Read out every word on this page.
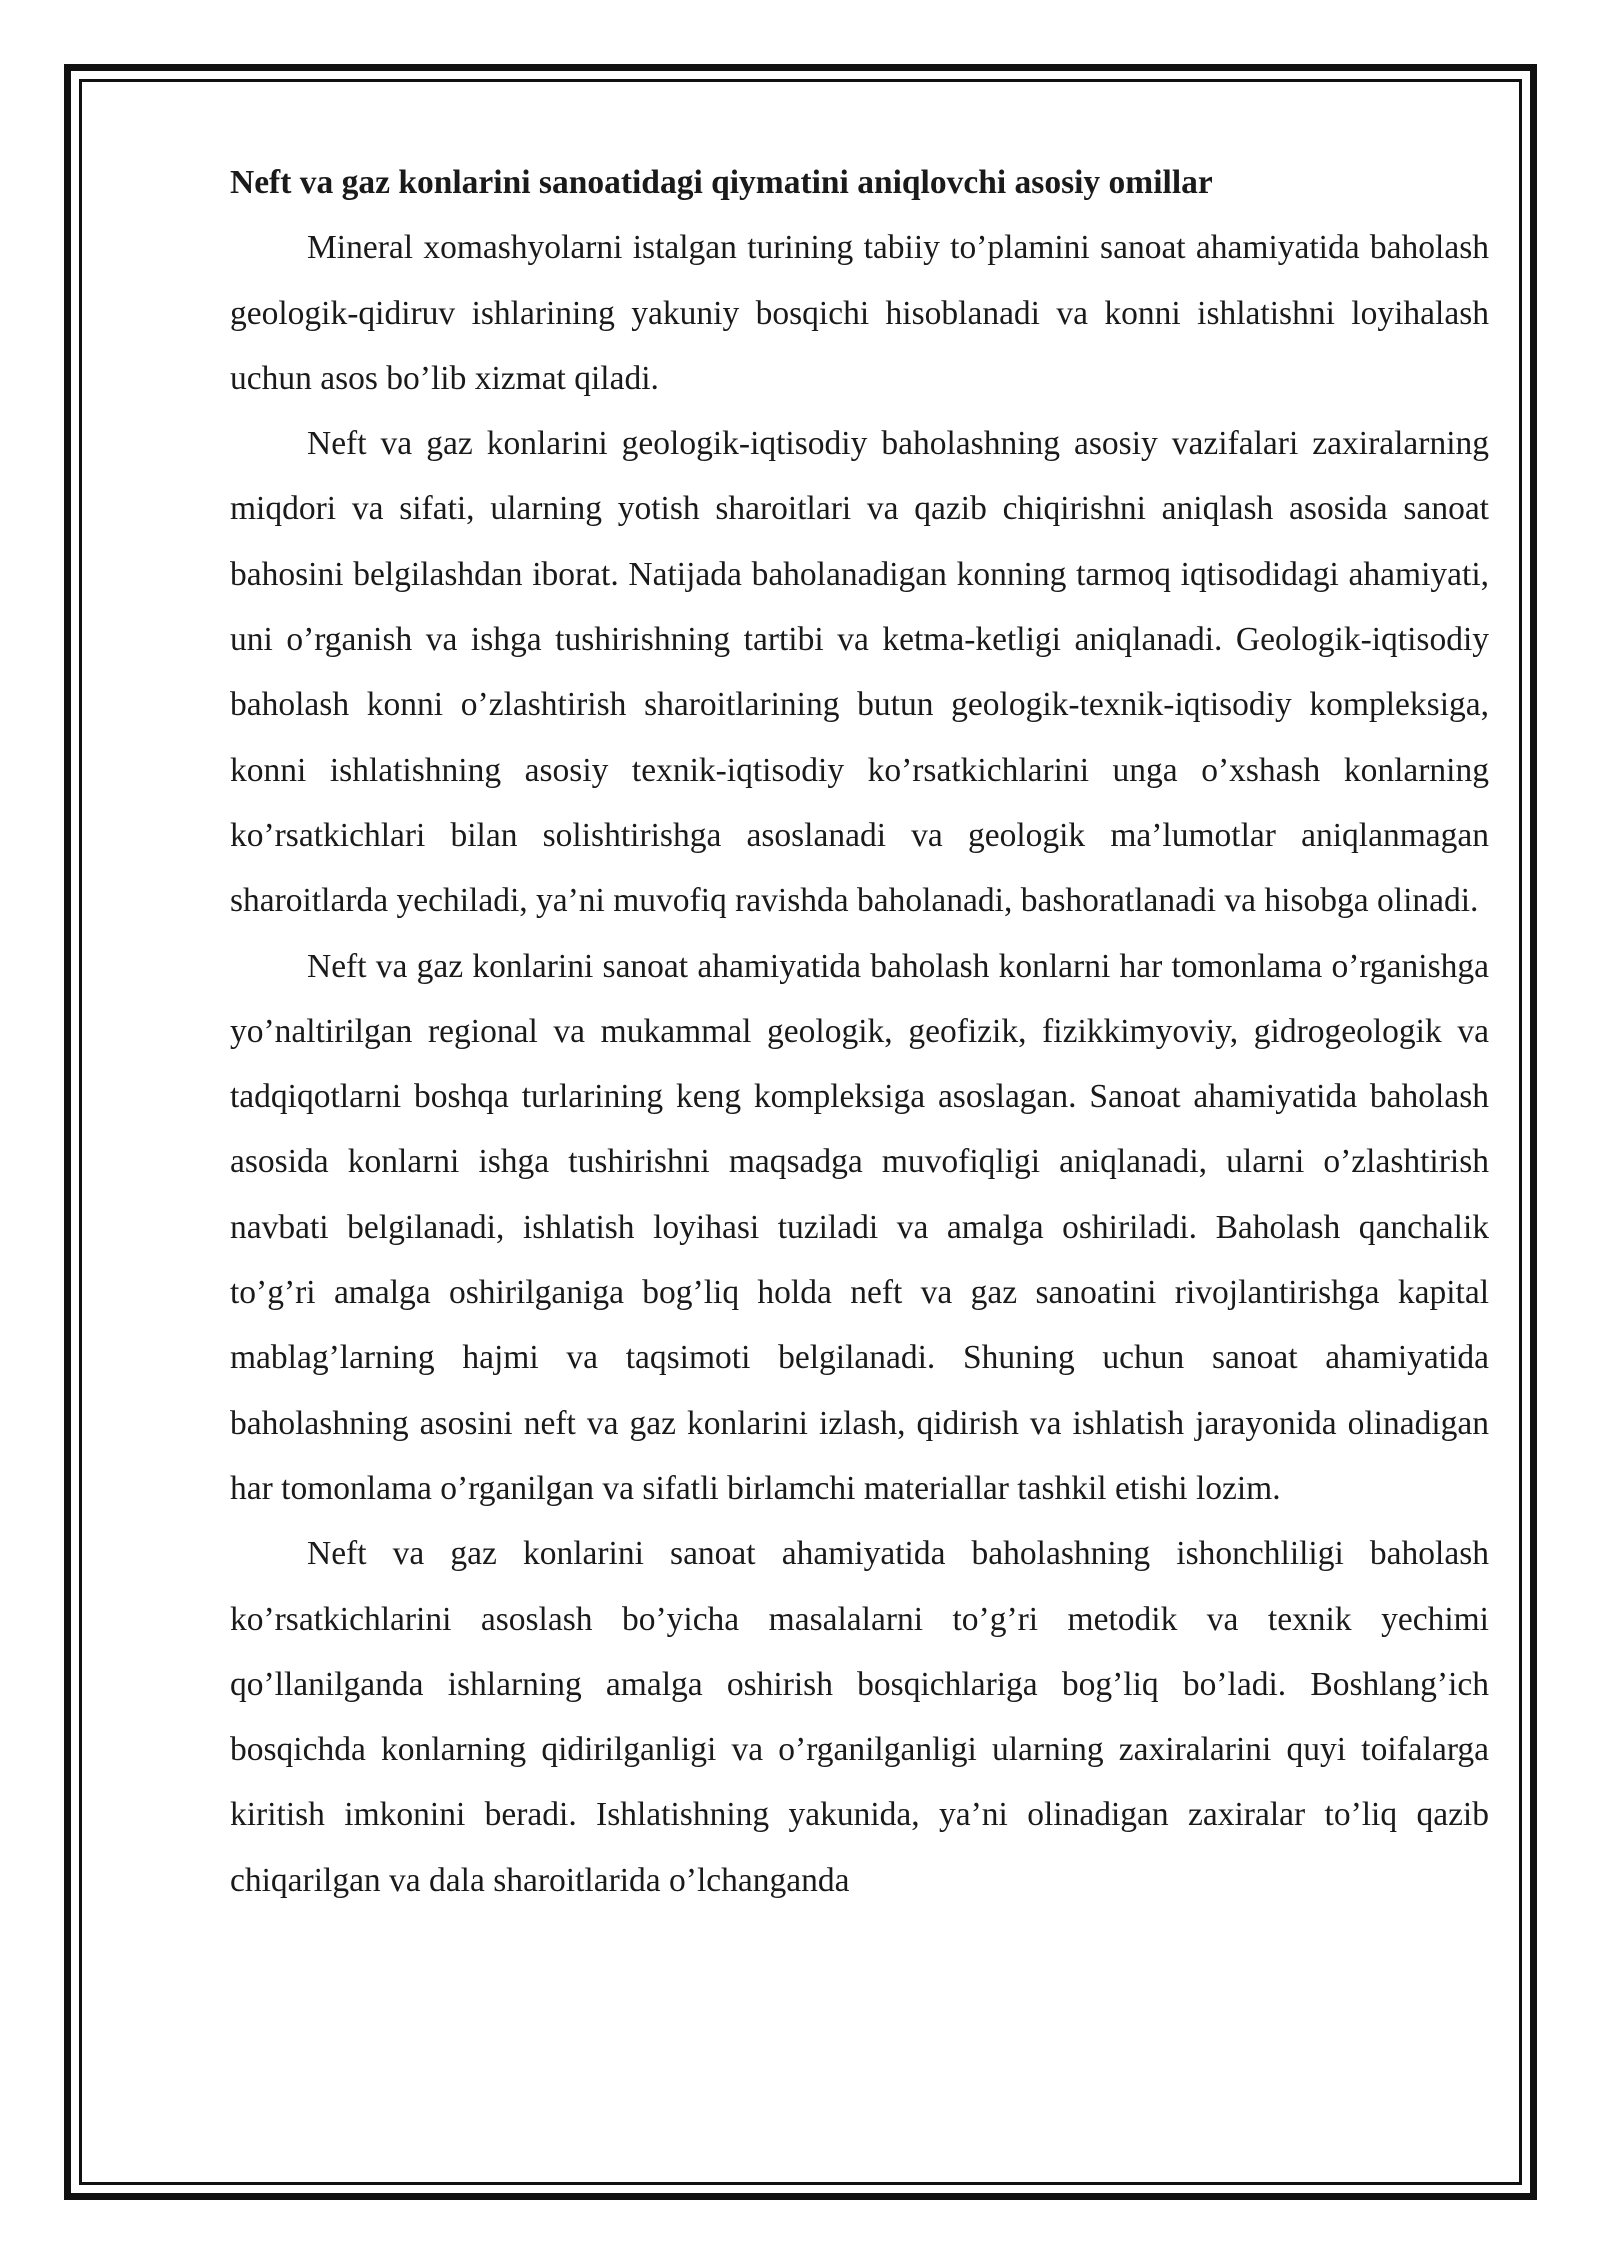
Neft va gaz konlarini sanoatidagi qiymatini aniqlovchi asosiy omillar

Mineral xomashyolarni istalgan turining tabiiy to’plamini sanoat ahamiyatida baholash geologik-qidiruv ishlarining yakuniy bosqichi hisoblanadi va konni ishlatishni loyihalash uchun asos bo’lib xizmat qiladi.

Neft va gaz konlarini geologik-iqtisodiy baholashning asosiy vazifalari zaxiralarning miqdori va sifati, ularning yotish sharoitlari va qazib chiqirishni aniqlash asosida sanoat bahosini belgilashdan iborat. Natijada baholanadigan konning tarmoq iqtisodidagi ahamiyati, uni o’rganish va ishga tushirishning tartibi va ketma-ketligi aniqlanadi. Geologik-iqtisodiy baholash konni o’zlashtirish sharoitlarining butun geologik-texnik-iqtisodiy kompleksiga, konni ishlatishning asosiy texnik-iqtisodiy ko’rsatkichlarini unga o’xshash konlarning ko’rsatkichlari bilan solishtirishga asoslanadi va geologik ma’lumotlar aniqlanmagan sharoitlarda yechiladi, ya’ni muvofiq ravishda baholanadi, bashoratlanadi va hisobga olinadi.

Neft va gaz konlarini sanoat ahamiyatida baholash konlarni har tomonlama o’rganishga yo’naltirilgan regional va mukammal geologik, geofizik, fizikkimyoviy, gidrogeologik va tadqiqotlarni boshqa turlarining keng kompleksiga asoslagan. Sanoat ahamiyatida baholash asosida konlarni ishga tushirishni maqsadga muvofiqligi aniqlanadi, ularni o’zlashtirish navbati belgilanadi, ishlatish loyihasi tuziladi va amalga oshiriladi. Baholash qanchalik to’g’ri amalga oshirilganiga bog’liq holda neft va gaz sanoatini rivojlantirishga kapital mablag’larning hajmi va taqsimoti belgilanadi. Shuning uchun sanoat ahamiyatida baholashning asosini neft va gaz konlarini izlash, qidirish va ishlatish jarayonida olinadigan har tomonlama o’rganilgan va sifatli birlamchi materiallar tashkil etishi lozim.

Neft va gaz konlarini sanoat ahamiyatida baholashning ishonchliligi baholash ko’rsatkichlarini asoslash bo’yicha masalalarni to’g’ri metodik va texnik yechimi qo’llanilganda ishlarning amalga oshirish bosqichlariga bog’liq bo’ladi. Boshlang’ich bosqichda konlarning qidirilganligi va o’rganilganligi ularning zaxiralarini quyi toifalarga kiritish imkonini beradi. Ishlatishning yakunida, ya’ni olinadigan zaxiralar to’liq qazib chiqarilgan va dala sharoitlarida o’lchanganda
